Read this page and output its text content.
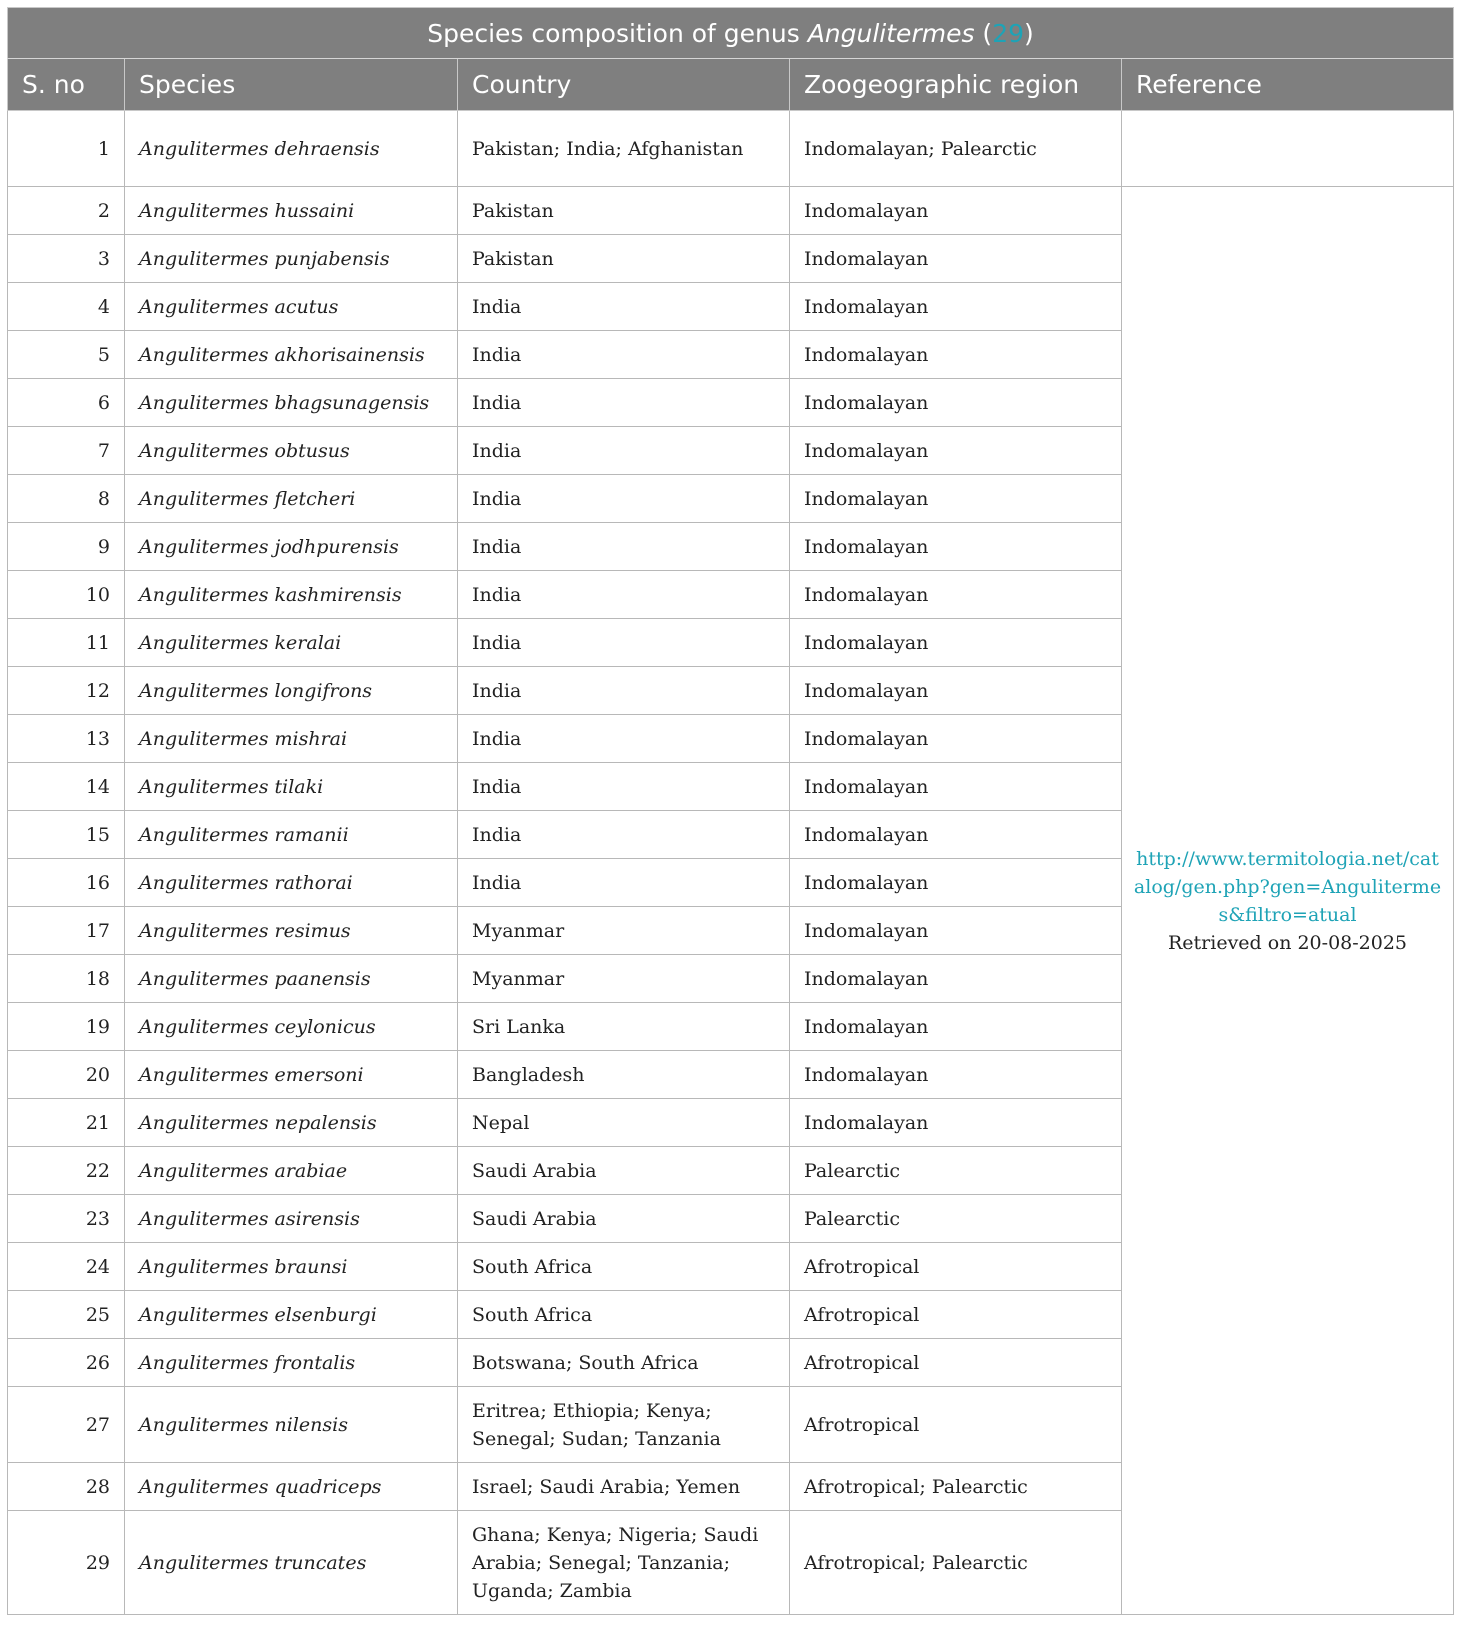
Species composition of genus Angulitermes (29)				
S. no	Species	Country	Zoogeographic region	Reference
1	Angulitermes dehraensis	Pakistan; India; Afghanistan	Indomalayan; Palearctic	
2	Angulitermes hussaini	Pakistan	Indomalayan	http://www.termitologia.net/catalog/gen.php?gen=Angulitermes&filtro=atual
Retrieved on 20-08-2025
3	Angulitermes punjabensis	Pakistan	Indomalayan	
4	Angulitermes acutus	India	Indomalayan	
5	Angulitermes akhorisainensis	India	Indomalayan	
6	Angulitermes bhagsunagensis	India	Indomalayan	
7	Angulitermes obtusus	India	Indomalayan	
8	Angulitermes fletcheri	India	Indomalayan	
9	Angulitermes jodhpurensis	India	Indomalayan	
10	Angulitermes kashmirensis	India	Indomalayan	
11	Angulitermes keralai	India	Indomalayan	
12	Angulitermes longifrons	India	Indomalayan	
13	Angulitermes mishrai	India	Indomalayan	
14	Angulitermes tilaki	India	Indomalayan	
15	Angulitermes ramanii	India	Indomalayan	
16	Angulitermes rathorai	India	Indomalayan	
17	Angulitermes resimus	Myanmar	Indomalayan	
18	Angulitermes paanensis	Myanmar	Indomalayan	
19	Angulitermes ceylonicus	Sri Lanka	Indomalayan	
20	Angulitermes emersoni	Bangladesh	Indomalayan	
21	Angulitermes nepalensis	Nepal	Indomalayan	
22	Angulitermes arabiae	Saudi Arabia	Palearctic	
23	Angulitermes asirensis	Saudi Arabia	Palearctic	
24	Angulitermes braunsi	South Africa	Afrotropical	
25	Angulitermes elsenburgi	South Africa	Afrotropical	
26	Angulitermes frontalis	Botswana; South Africa	Afrotropical	
27	Angulitermes nilensis	Eritrea; Ethiopia; Kenya; Senegal; Sudan; Tanzania	Afrotropical	
28	Angulitermes quadriceps	Israel; Saudi Arabia; Yemen	Afrotropical; Palearctic	
29	Angulitermes truncates	Ghana; Kenya; Nigeria; Saudi Arabia; Senegal; Tanzania; Uganda; Zambia	Afrotropical; Palearctic	
